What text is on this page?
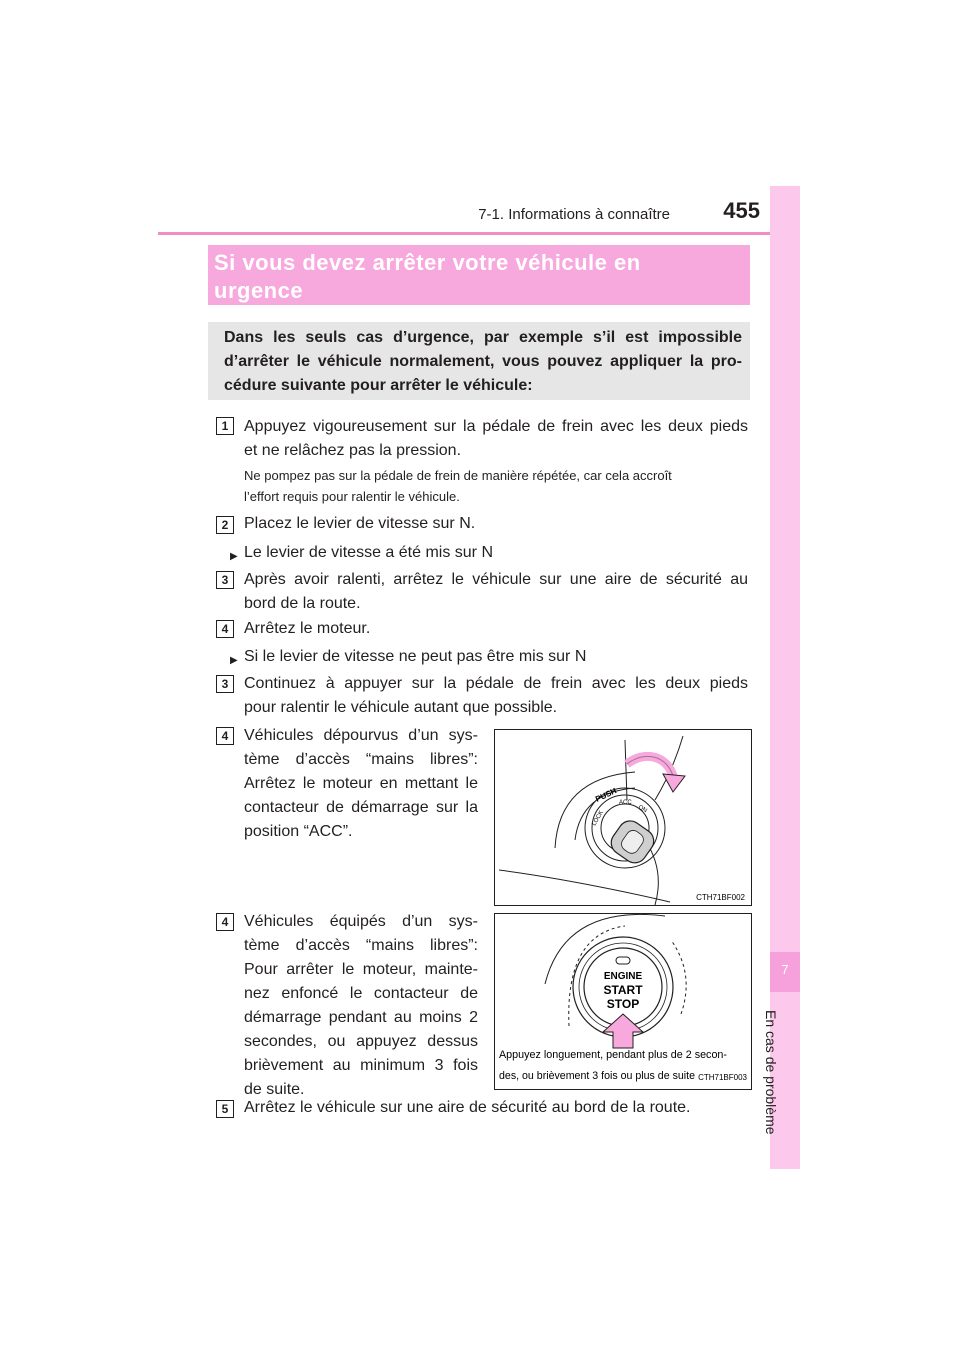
7-1. Informations à connaître	455
7
En cas de problème
Si vous devez arrêter votre véhicule en
urgence
Dans les seuls cas d’urgence, par exemple s’il est impossible
d’arrêter le véhicule normalement, vous pouvez appliquer la pro-
cédure suivante pour arrêter le véhicule:
1 Appuyez vigoureusement sur la pédale de frein avec les deux pieds
et ne relâchez pas la pression.
Ne pompez pas sur la pédale de frein de manière répétée, car cela accroît
l’effort requis pour ralentir le véhicule.
2 Placez le levier de vitesse sur N.
▶ Le levier de vitesse a été mis sur N
3 Après avoir ralenti, arrêtez le véhicule sur une aire de sécurité au
bord de la route.
4 Arrêtez le moteur.
▶ Si le levier de vitesse ne peut pas être mis sur N
3 Continuez à appuyer sur la pédale de frein avec les deux pieds
pour ralentir le véhicule autant que possible.
4 Véhicules dépourvus d’un sys-
tème d’accès “mains libres”:
Arrêtez le moteur en mettant le
contacteur de démarrage sur la
position “ACC”.
PUSH
LOCK
ACC
ON
CTH71BF002
4 Véhicules équipés d’un sys-
tème d’accès “mains libres”:
Pour arrêter le moteur, mainte-
nez enfoncé le contacteur de
démarrage pendant au moins 2
secondes, ou appuyez dessus
brièvement au minimum 3 fois
de suite.
ENGINE
START
STOP
Appuyez longuement, pendant plus de 2 secon-
des, ou brièvement 3 fois ou plus de suite CTH71BF003
5 Arrêtez le véhicule sur une aire de sécurité au bord de la route.
